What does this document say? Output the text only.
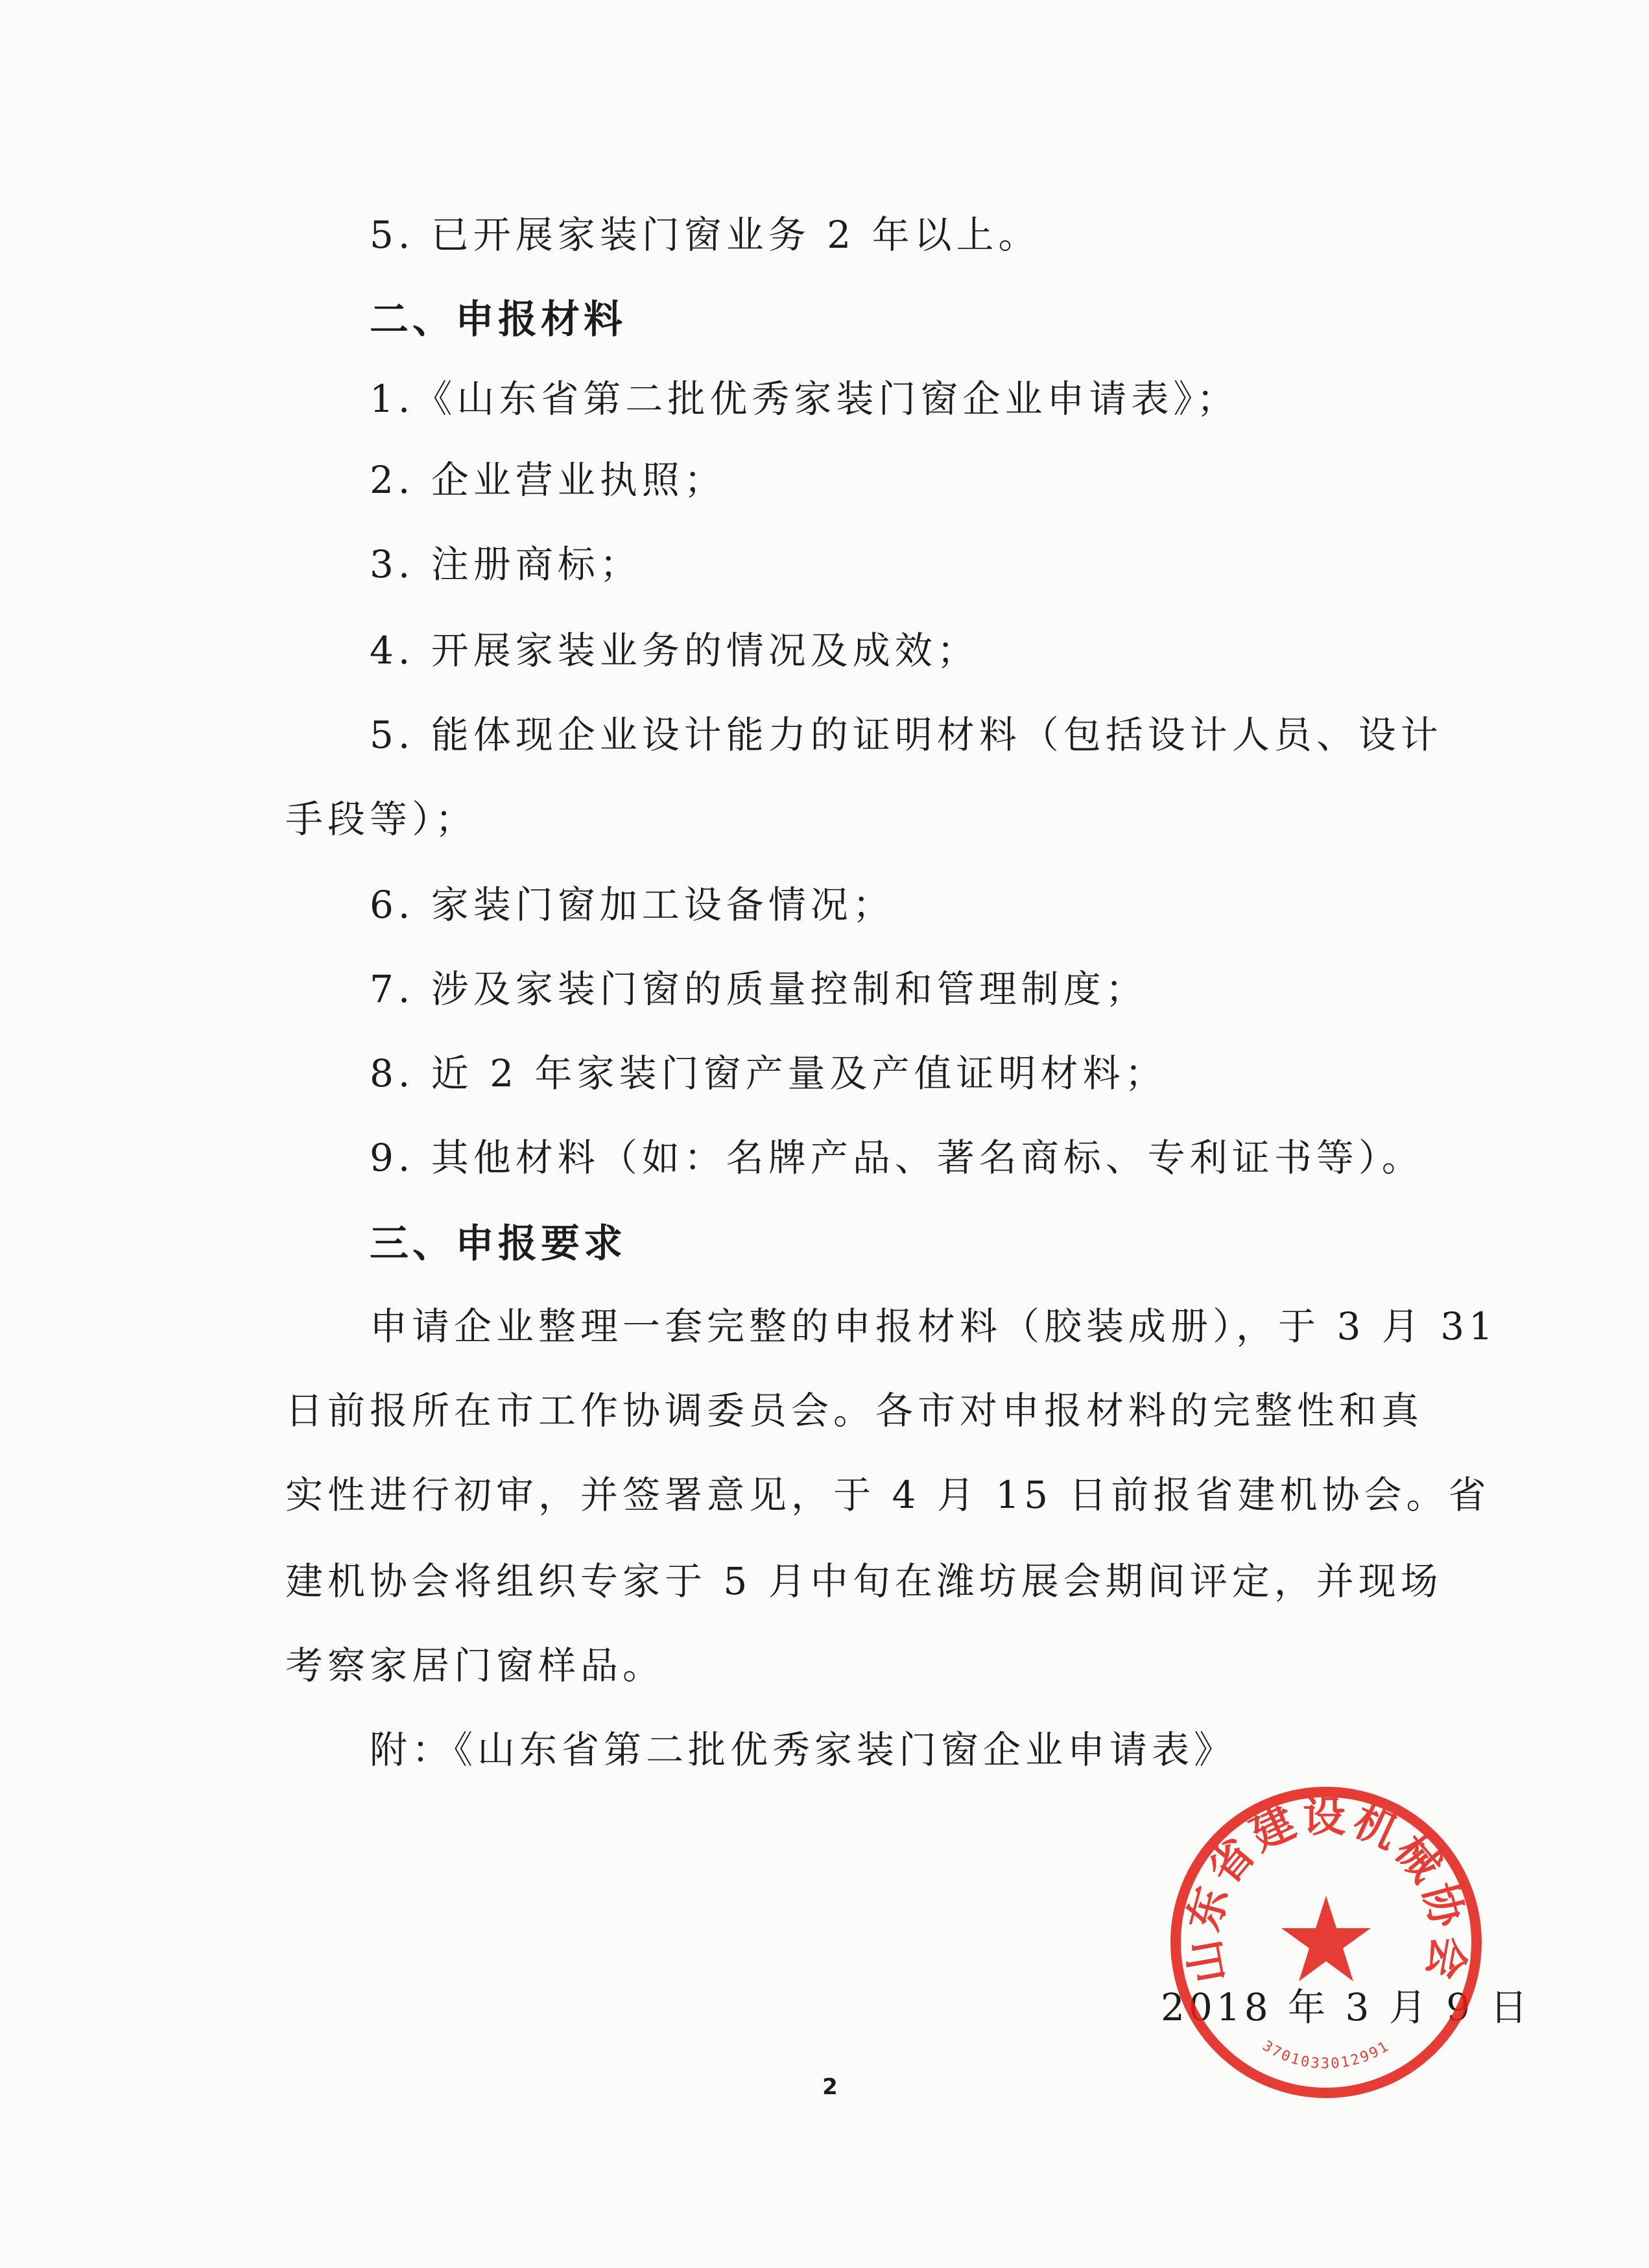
5. 已开展家装门窗业务 2 年以上。
二、申报材料
1.《山东省第二批优秀家装门窗企业申请表》；
2. 企业营业执照；
3. 注册商标；
4. 开展家装业务的情况及成效；
5. 能体现企业设计能力的证明材料（包括设计人员、设计
手段等）；
6. 家装门窗加工设备情况；
7. 涉及家装门窗的质量控制和管理制度；
8. 近 2 年家装门窗产量及产值证明材料；
9. 其他材料（如：名牌产品、著名商标、专利证书等）。
三、申报要求
申请企业整理一套完整的申报材料（胶装成册），于 3 月 31
日前报所在市工作协调委员会。各市对申报材料的完整性和真
实性进行初审，并签署意见，于 4 月 15 日前报省建机协会。省
建机协会将组织专家于 5 月中旬在潍坊展会期间评定，并现场
考察家居门窗样品。
附：《山东省第二批优秀家装门窗企业申请表》
山东省建设机械协会
3701033012991
2018 年 3 月 9 日
2
